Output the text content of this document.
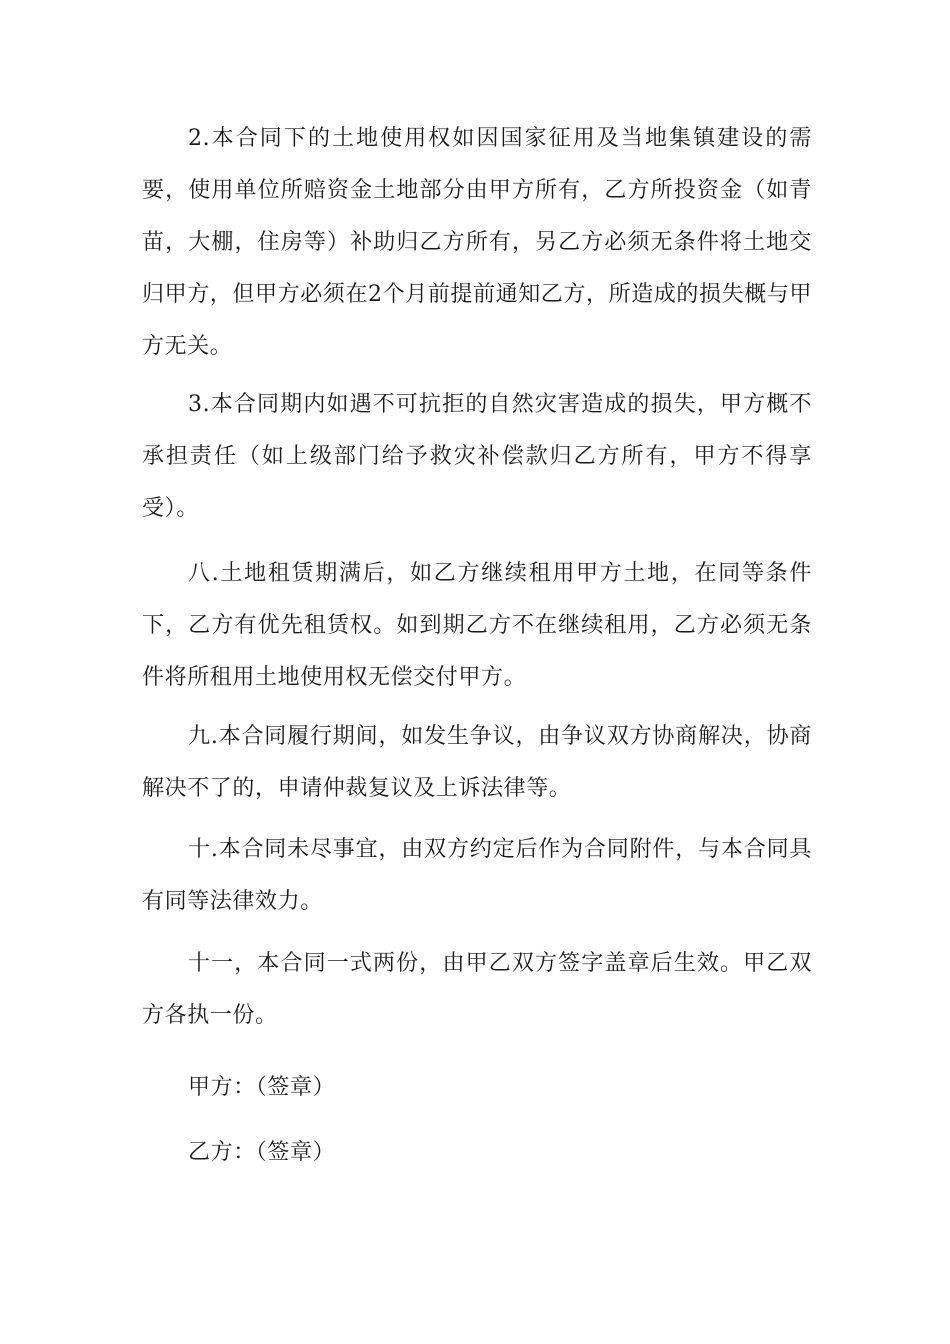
2.本合同下的土地使用权如因国家征用及当地集镇建设的需要，使用单位所赔资金土地部分由甲方所有，乙方所投资金（如青苗，大棚，住房等）补助归乙方所有，另乙方必须无条件将土地交归甲方，但甲方必须在2个月前提前通知乙方，所造成的损失概与甲方无关。

3.本合同期内如遇不可抗拒的自然灾害造成的损失，甲方概不承担责任（如上级部门给予救灾补偿款归乙方所有，甲方不得享受）。

八.土地租赁期满后，如乙方继续租用甲方土地，在同等条件下，乙方有优先租赁权。如到期乙方不在继续租用，乙方必须无条件将所租用土地使用权无偿交付甲方。

九.本合同履行期间，如发生争议，由争议双方协商解决，协商解决不了的，申请仲裁复议及上诉法律等。

十.本合同未尽事宜，由双方约定后作为合同附件，与本合同具有同等法律效力。

十一，本合同一式两份，由甲乙双方签字盖章后生效。甲乙双方各执一份。

甲方：（签章）

乙方：（签章）
